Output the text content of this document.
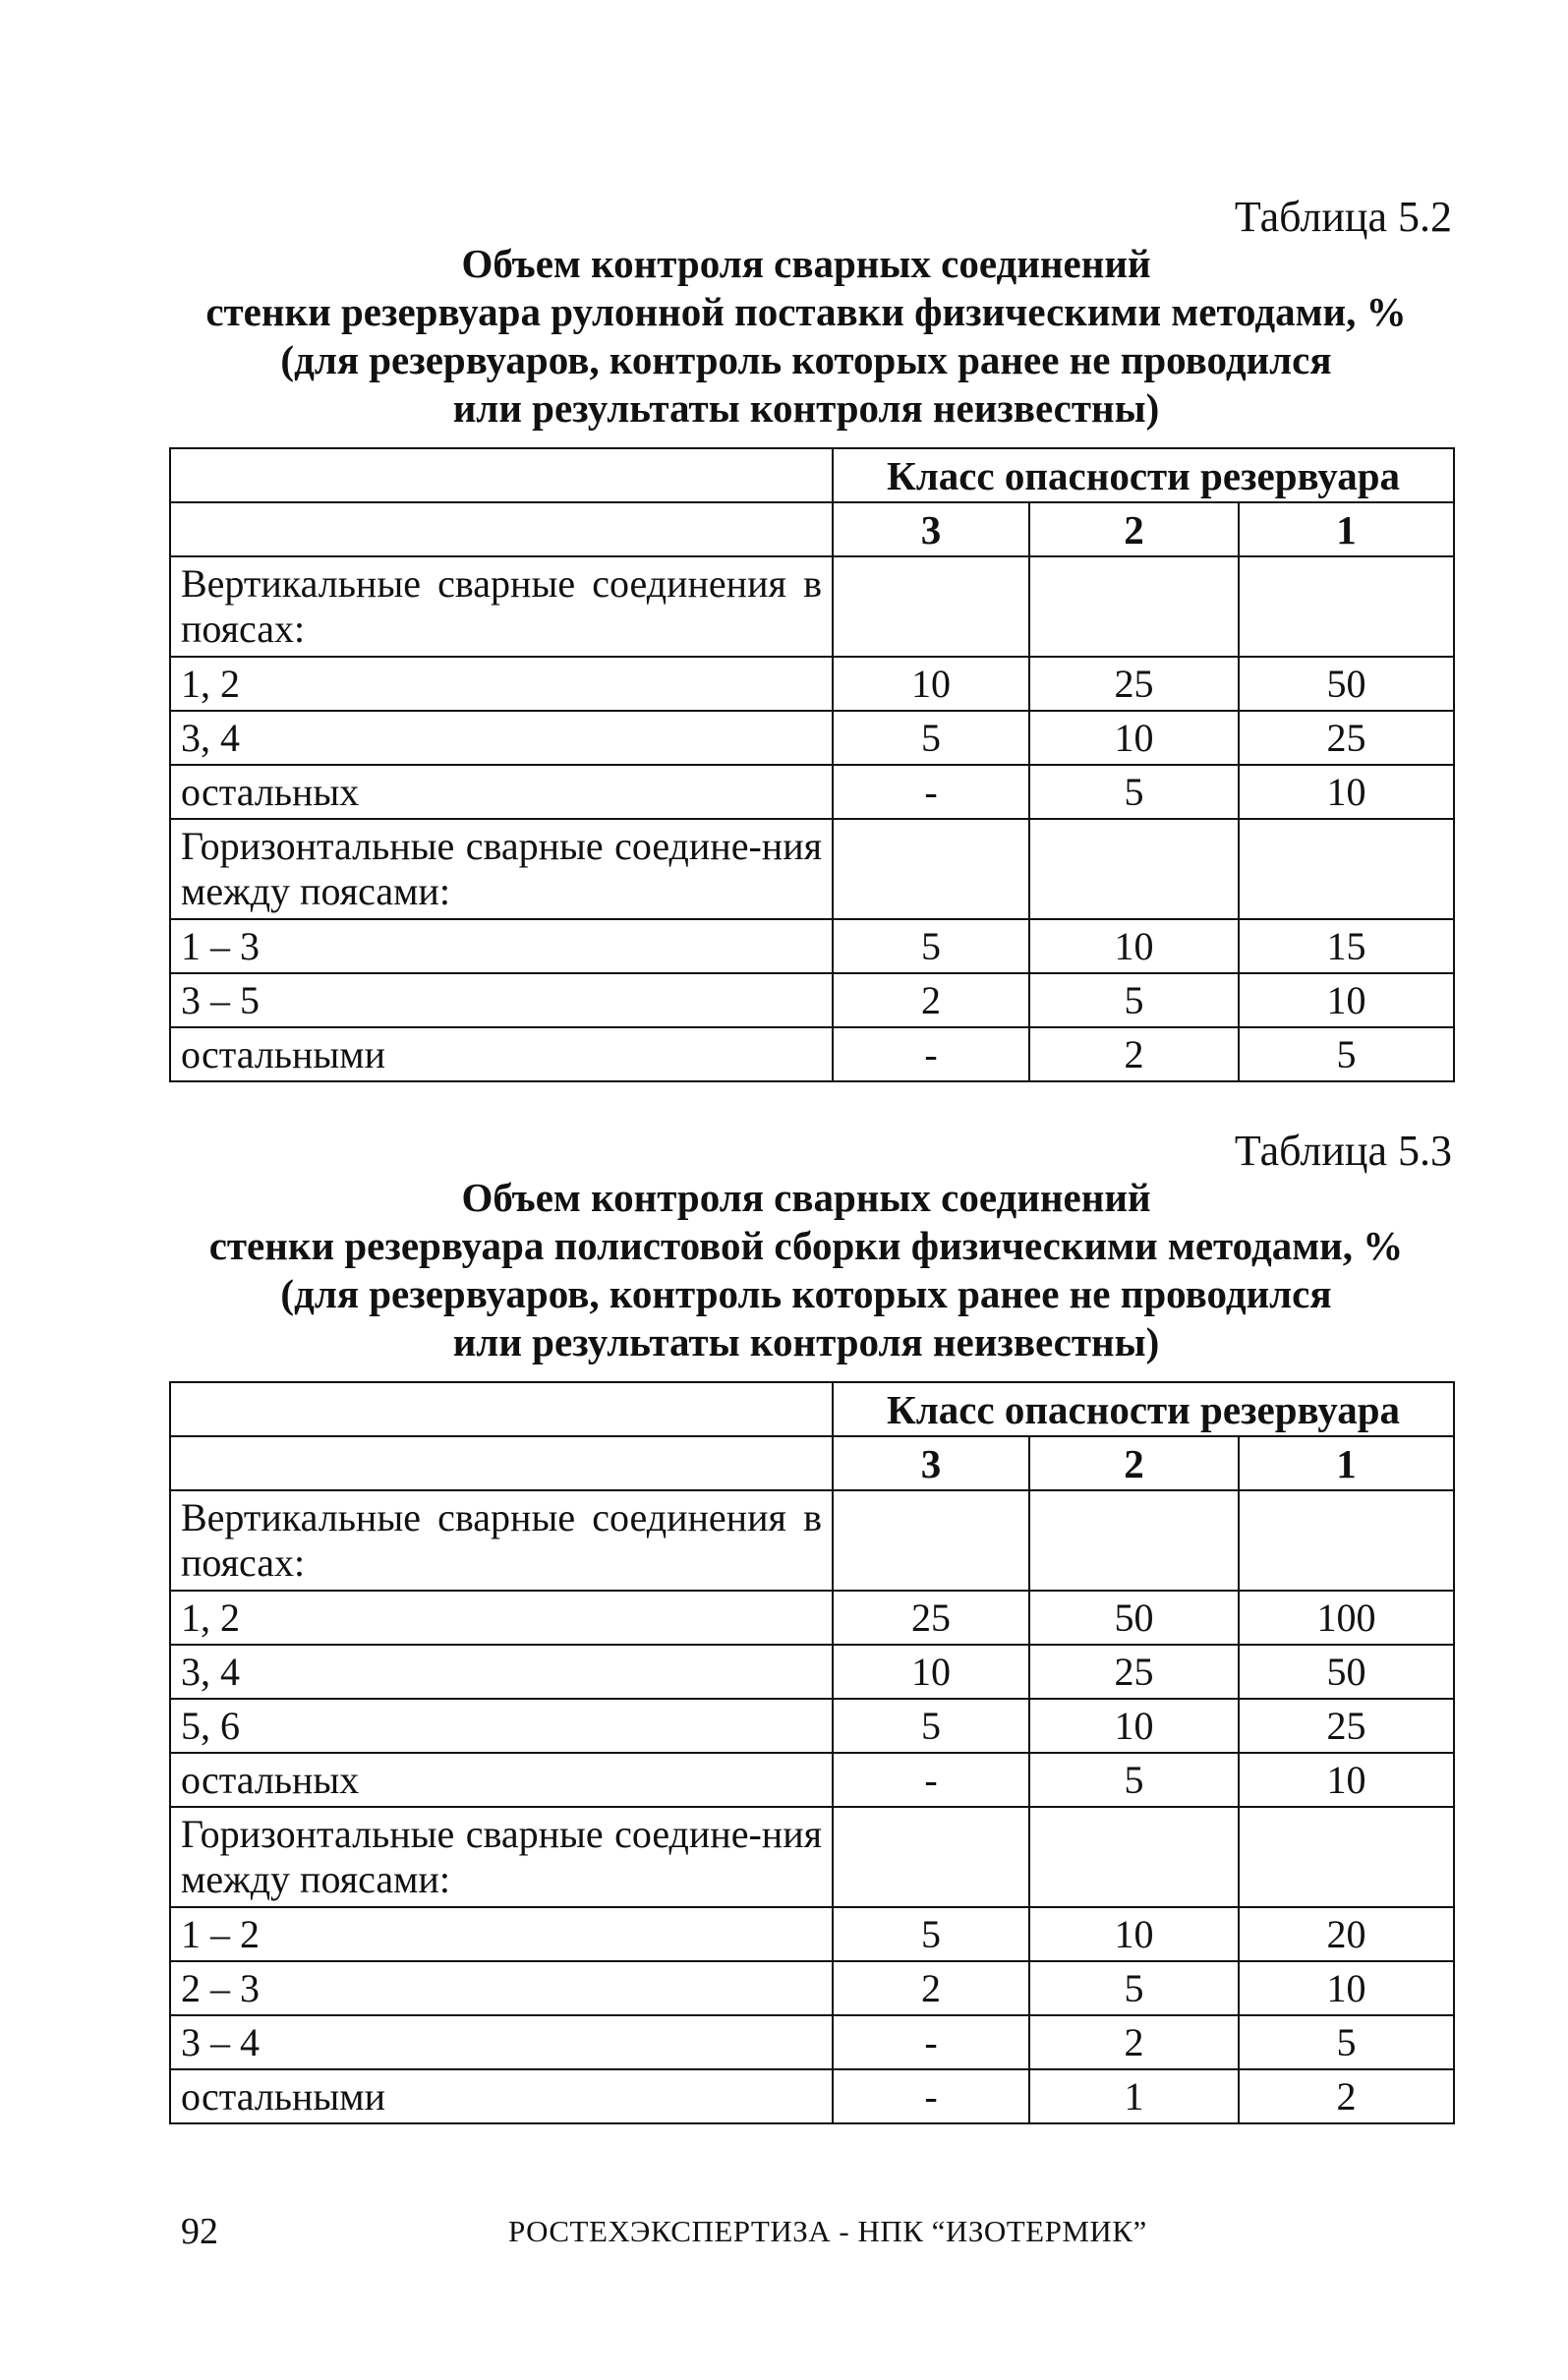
Таблица 5.2

Объем контроля сварных соединений
стенки резервуара рулонной поставки физическими методами, %
(для резервуаров, контроль которых ранее не проводился
или результаты контроля неизвестны)
	Класс опасности резервуара		
	3	2	1
Вертикальные сварные соединения в поясах:			
1, 2	10	25	50
3, 4	5	10	25
остальных	-	5	10
Горизонтальные сварные соедине-ния между поясами:			
1 – 3	5	10	15
3 – 5	2	5	10
остальными	-	2	5

Таблица 5.3

Объем контроля сварных соединений
стенки резервуара полистовой сборки физическими методами, %
(для резервуаров, контроль которых ранее не проводился
или результаты контроля неизвестны)
	Класс опасности резервуара		
	3	2	1
Вертикальные сварные соединения в поясах:			
1, 2	25	50	100
3, 4	10	25	50
5, 6	5	10	25
остальных	-	5	10
Горизонтальные сварные соедине-ния между поясами:			
1 – 2	5	10	20
2 – 3	2	5	10
3 – 4	-	2	5
остальными	-	1	2
92	РОСТЕХЭКСПЕРТИЗА - НПК “ИЗОТЕРМИК”
